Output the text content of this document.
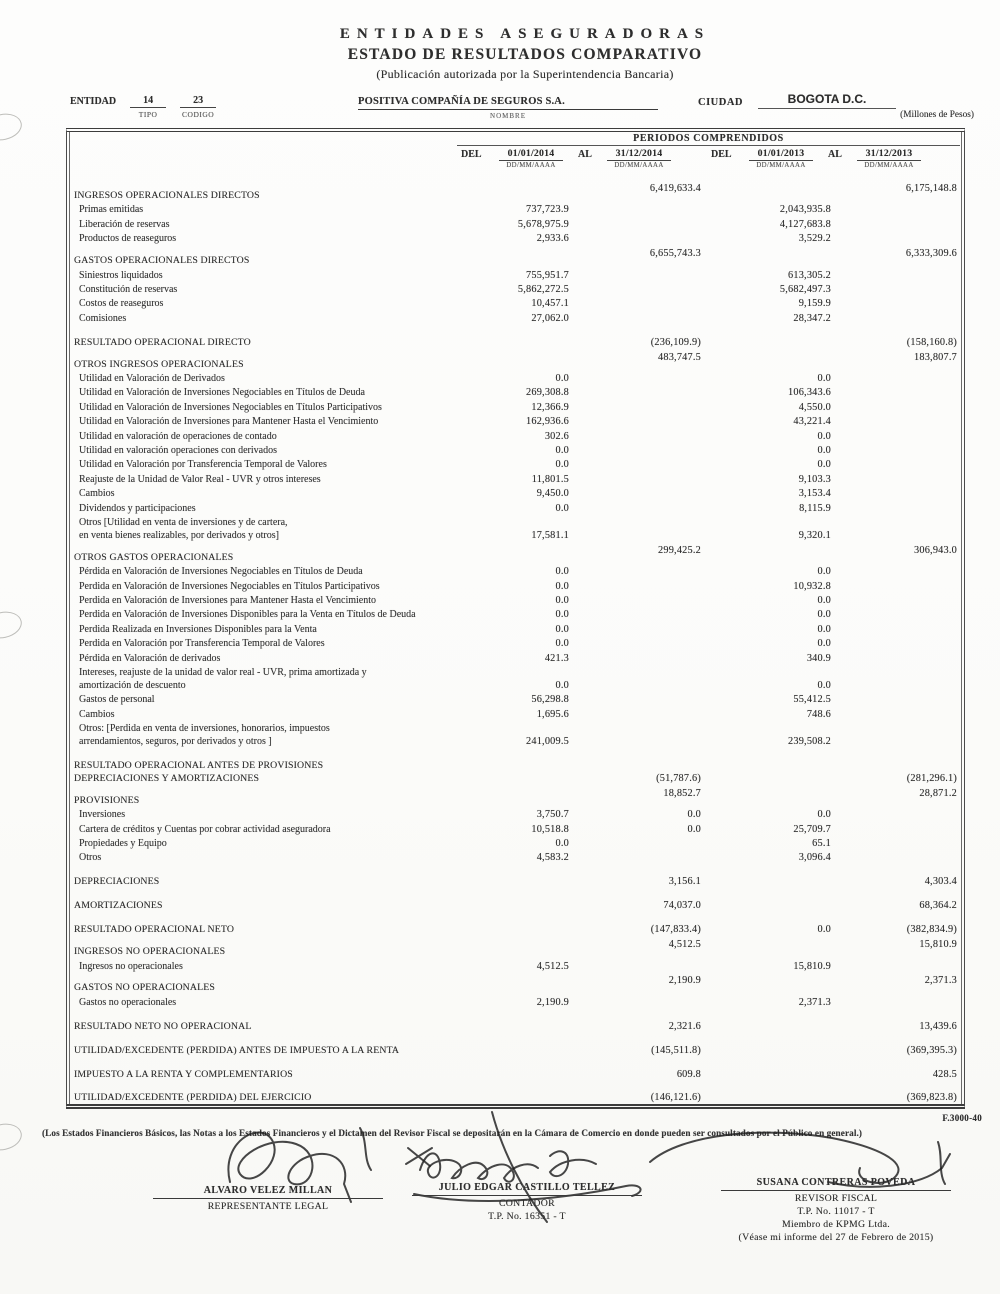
ENTIDADES ASEGURADORAS
ESTADO DE RESULTADOS COMPARATIVO
(Publicación autorizada por la Superintendencia Bancaria)
ENTIDAD	14
TIPO
23
CODIGO
POSITIVA COMPAÑÍA DE SEGUROS S.A.
NOMBRE
CIUDAD	BOGOTA D.C.
(Millones de Pesos)
PERIODOS COMPRENDIDOS
DEL	01/01/2014
DD/MM/AAAA
AL	31/12/2014
DD/MM/AAAA
DEL	01/01/2013
DD/MM/AAAA
AL	31/12/2013
DD/MM/AAAA
INGRESOS OPERACIONALES DIRECTOS
6,419,633.4	6,175,148.8
Primas emitidas	737,723.9	2,043,935.8
Liberación de reservas	5,678,975.9	4,127,683.8
Productos de reaseguros	2,933.6	3,529.2
GASTOS OPERACIONALES DIRECTOS
6,655,743.3	6,333,309.6
Siniestros liquidados	755,951.7	613,305.2
Constitución de reservas	5,862,272.5	5,682,497.3
Costos de reaseguros	10,457.1	9,159.9
Comisiones	27,062.0	28,347.2
RESULTADO OPERACIONAL DIRECTO	(236,109.9)	(158,160.8)
OTROS INGRESOS OPERACIONALES
483,747.5	183,807.7
Utilidad en Valoración de Derivados	0.0	0.0
Utilidad en Valoración de Inversiones Negociables en Títulos de Deuda	269,308.8	106,343.6
Utilidad en Valoración de Inversiones Negociables en Títulos Participativos	12,366.9	4,550.0
Utilidad en Valoración de Inversiones para Mantener Hasta el Vencimiento	162,936.6	43,221.4
Utilidad en valoración de operaciones de contado	302.6	0.0
Utilidad en valoración operaciones con derivados	0.0	0.0
Utilidad en Valoración por Transferencia Temporal de Valores	0.0	0.0
Reajuste de la Unidad de Valor Real - UVR y otros intereses	11,801.5	9,103.3
Cambios	9,450.0	3,153.4
Dividendos y participaciones	0.0	8,115.9
Otros [Utilidad en venta de inversiones y de cartera,
en venta bienes realizables, por derivados y otros]	17,581.1	9,320.1
OTROS GASTOS OPERACIONALES
299,425.2	306,943.0
Pérdida en Valoración de Inversiones Negociables en Títulos de Deuda	0.0	0.0
Perdida en Valoración de Inversiones Negociables en Títulos Participativos	0.0	10,932.8
Perdida en Valoración de Inversiones para Mantener Hasta el Vencimiento	0.0	0.0
Perdida en Valoración de Inversiones Disponibles para la Venta en Títulos de Deuda	0.0	0.0
Perdida Realizada en Inversiones Disponibles para la Venta	0.0	0.0
Perdida en Valoración por Transferencia Temporal de Valores	0.0	0.0
Pérdida en Valoración de derivados	421.3	340.9
Intereses, reajuste de la unidad de valor real - UVR, prima amortizada y
amortización de descuento	0.0	0.0
Gastos de personal	56,298.8	55,412.5
Cambios	1,695.6	748.6
Otros: [Perdida en venta de inversiones, honorarios, impuestos
arrendamientos, seguros, por derivados y otros ]	241,009.5	239,508.2
RESULTADO OPERACIONAL ANTES DE PROVISIONES
DEPRECIACIONES Y AMORTIZACIONES	(51,787.6)	(281,296.1)
PROVISIONES
18,852.7	28,871.2
Inversiones	3,750.7	0.0	0.0
Cartera de créditos y Cuentas por cobrar actividad aseguradora	10,518.8	0.0	25,709.7
Propiedades y Equipo	0.0	65.1
Otros	4,583.2	3,096.4
DEPRECIACIONES	3,156.1	4,303.4
AMORTIZACIONES	74,037.0	68,364.2
RESULTADO OPERACIONAL NETO	(147,833.4)	0.0	(382,834.9)
INGRESOS NO OPERACIONALES
4,512.5	15,810.9
Ingresos no operacionales	4,512.5	15,810.9
GASTOS NO OPERACIONALES
2,190.9	2,371.3
Gastos no operacionales	2,190.9	2,371.3
RESULTADO NETO NO OPERACIONAL	2,321.6	13,439.6
UTILIDAD/EXCEDENTE (PERDIDA) ANTES DE IMPUESTO A LA RENTA	(145,511.8)	(369,395.3)
IMPUESTO A LA RENTA Y COMPLEMENTARIOS	609.8	428.5
UTILIDAD/EXCEDENTE (PERDIDA) DEL EJERCICIO	(146,121.6)	(369,823.8)
F.3000-40
(Los Estados Financieros Básicos, las Notas a los Estados Financieros y el Dictamen del Revisor Fiscal se depositarán en la Cámara de Comercio en donde pueden ser consultados por el Público en general.)
ALVARO VELEZ MILLAN
REPRESENTANTE LEGAL
JULIO EDGAR CASTILLO TELLEZ
CONTADOR
T.P. No. 16351 - T
SUSANA CONTRERAS POVEDA
REVISOR FISCAL
T.P. No. 11017 - T
Miembro de KPMG Ltda.
(Véase mi informe del 27 de Febrero de 2015)
